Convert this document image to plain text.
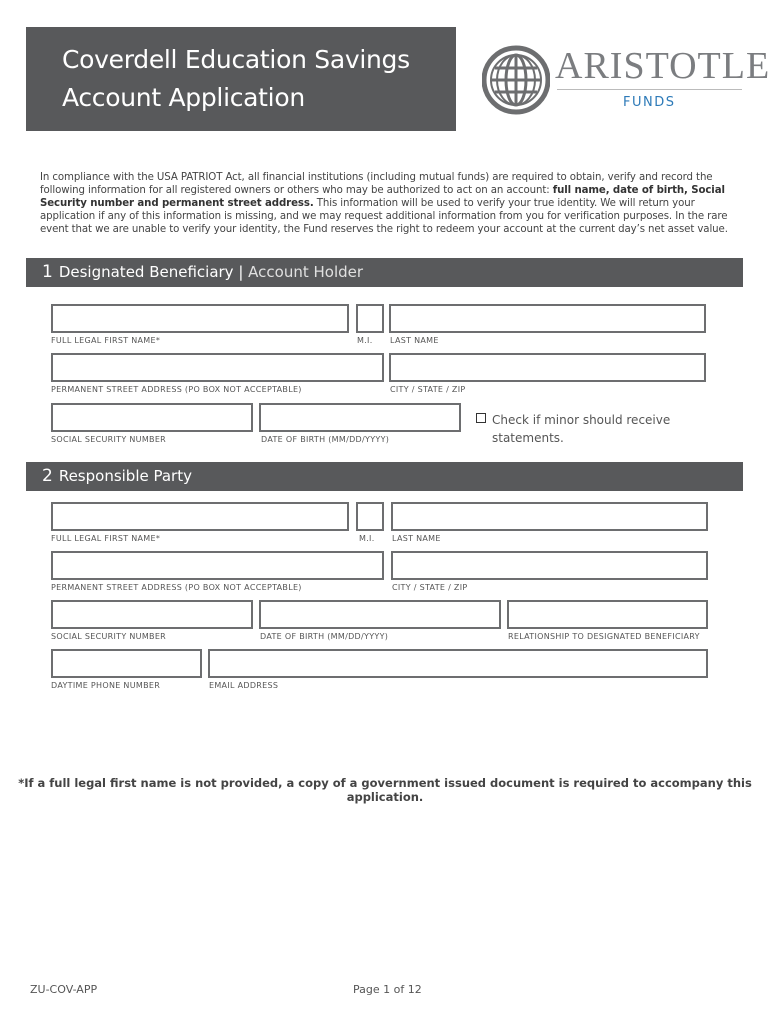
Coverdell Education Savings
Account Application
ARISTOTLE
FUNDS
In compliance with the USA PATRIOT Act, all financial institutions (including mutual funds) are required to obtain, verify and record the following information for all registered owners or others who may be authorized to act on an account: full name, date of birth, Social Security number and permanent street address. This information will be used to verify your true identity. We will return your application if any of this information is missing, and we may request additional information from you for verification purposes. In the rare event that we are unable to verify your identity, the Fund reserves the right to redeem your account at the current day’s net asset value.
1 Designated Beneficiary | Account Holder
FULL LEGAL FIRST NAME*	M.I. LAST NAME
PERMANENT STREET ADDRESS (PO BOX NOT ACCEPTABLE)	CITY / STATE / ZIP
SOCIAL SECURITY NUMBER	DATE OF BIRTH (MM/DD/YYYY)
Check if minor should receive
statements.
2 Responsible Party
FULL LEGAL FIRST NAME*	M.I. LAST NAME
PERMANENT STREET ADDRESS (PO BOX NOT ACCEPTABLE)	CITY / STATE / ZIP
SOCIAL SECURITY NUMBER	DATE OF BIRTH (MM/DD/YYYY)	RELATIONSHIP TO DESIGNATED BENEFICIARY
DAYTIME PHONE NUMBER	EMAIL ADDRESS
*If a full legal first name is not provided, a copy of a government issued document is required to accompany this application.
ZU-COV-APP	Page 1 of 12
